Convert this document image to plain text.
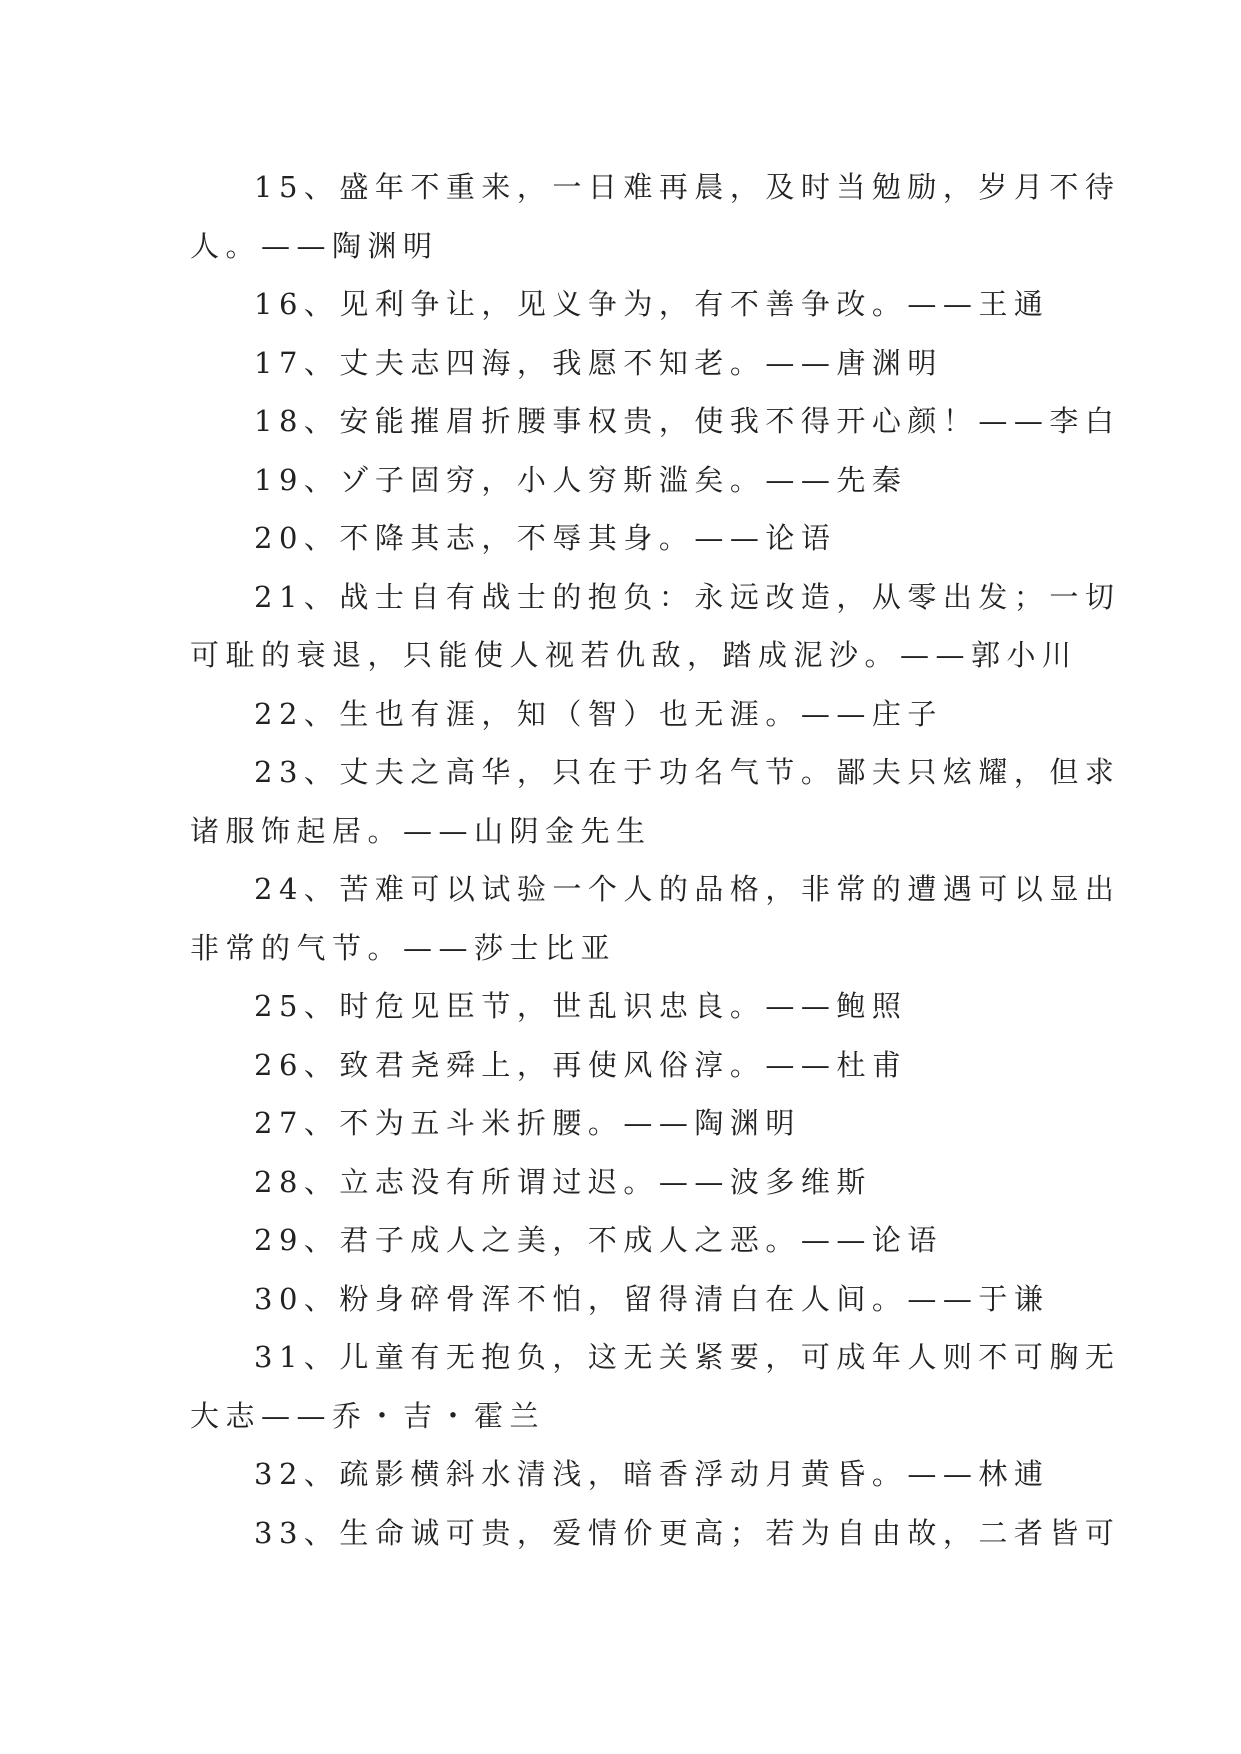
15、盛年不重来，一日难再晨，及时当勉励，岁月不待
人。——陶渊明
16、见利争让，见义争为，有不善争改。——王通
17、丈夫志四海，我愿不知老。——唐渊明
18、安能摧眉折腰事权贵，使我不得开心颜！——李白
19、ゾ子固穷，小人穷斯滥矣。——先秦
20、不降其志，不辱其身。——论语
21、战士自有战士的抱负：永远改造，从零出发；一切
可耻的衰退，只能使人视若仇敌，踏成泥沙。——郭小川
22、生也有涯，知（智）也无涯。——庄子
23、丈夫之高华，只在于功名气节。鄙夫只炫耀，但求
诸服饰起居。——山阴金先生
24、苦难可以试验一个人的品格，非常的遭遇可以显出
非常的气节。——莎士比亚
25、时危见臣节，世乱识忠良。——鲍照
26、致君尧舜上，再使风俗淳。——杜甫
27、不为五斗米折腰。——陶渊明
28、立志没有所谓过迟。——波多维斯
29、君子成人之美，不成人之恶。——论语
30、粉身碎骨浑不怕，留得清白在人间。——于谦
31、儿童有无抱负，这无关紧要，可成年人则不可胸无
大志——乔・吉・霍兰
32、疏影横斜水清浅，暗香浮动月黄昏。——林逋
33、生命诚可贵，爱情价更高；若为自由故，二者皆可
